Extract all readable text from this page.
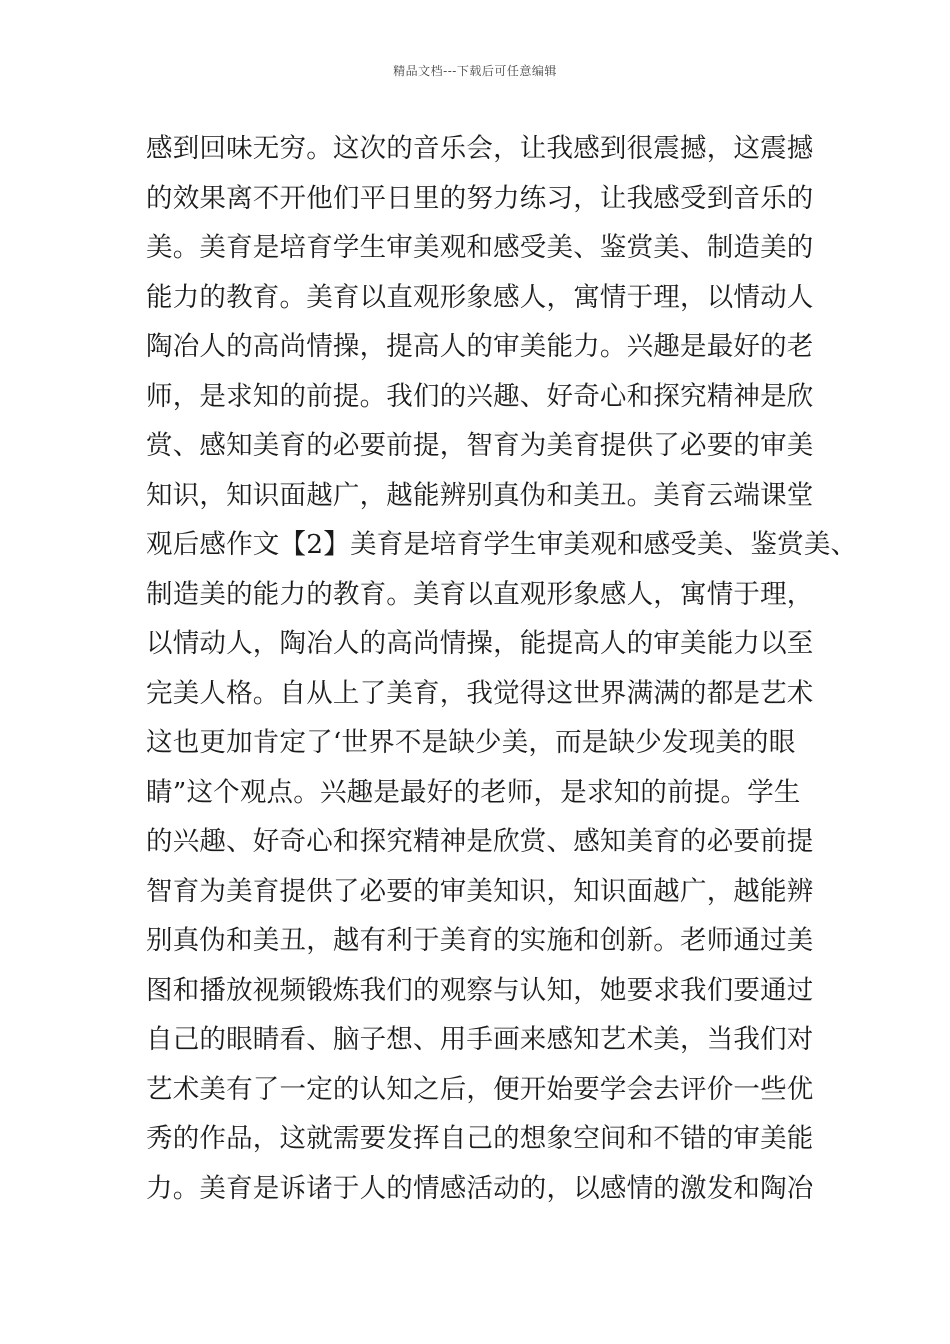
精品文档---下载后可任意编辑
感到回味无穷。这次的音乐会，让我感到很震撼，这震撼
的效果离不开他们平日里的努力练习，让我感受到音乐的
美。美育是培育学生审美观和感受美、鉴赏美、制造美的
能力的教育。美育以直观形象感人，寓情于理，以情动人
陶冶人的高尚情操，提高人的审美能力。兴趣是最好的老
师，是求知的前提。我们的兴趣、好奇心和探究精神是欣
赏、感知美育的必要前提，智育为美育提供了必要的审美
知识，知识面越广，越能辨别真伪和美丑。美育云端课堂
观后感作文【2】美育是培育学生审美观和感受美、鉴赏美、
制造美的能力的教育。美育以直观形象感人，寓情于理，
以情动人，陶冶人的高尚情操，能提高人的审美能力以至
完美人格。自从上了美育，我觉得这世界满满的都是艺术
这也更加肯定了‘世界不是缺少美，而是缺少发现美的眼
睛”这个观点。兴趣是最好的老师，是求知的前提。学生
的兴趣、好奇心和探究精神是欣赏、感知美育的必要前提
智育为美育提供了必要的审美知识，知识面越广，越能辨
别真伪和美丑，越有利于美育的实施和创新。老师通过美
图和播放视频锻炼我们的观察与认知，她要求我们要通过
自己的眼睛看、脑子想、用手画来感知艺术美，当我们对
艺术美有了一定的认知之后，便开始要学会去评价一些优
秀的作品，这就需要发挥自己的想象空间和不错的审美能
力。美育是诉诸于人的情感活动的，以感情的激发和陶冶
